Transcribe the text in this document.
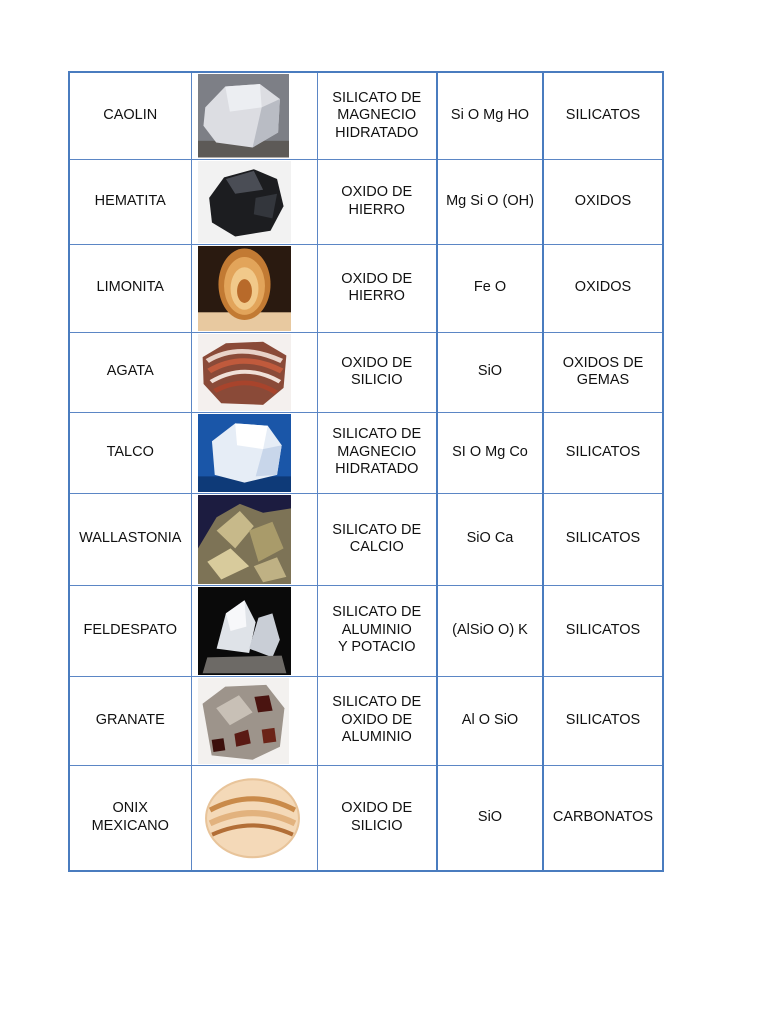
CAOLIN		SILICATO DE
MAGNECIO
HIDRATADO	Si O Mg HO	SILICATOS
HEMATITA		OXIDO DE
HIERRO	Mg Si O (OH)	OXIDOS
LIMONITA		OXIDO DE
HIERRO	Fe O	OXIDOS
AGATA		OXIDO DE
SILICIO	SiO	OXIDOS DE
GEMAS
TALCO		SILICATO DE
MAGNECIO
HIDRATADO	SI O Mg Co	SILICATOS
WALLASTONIA		SILICATO DE
CALCIO	SiO Ca	SILICATOS
FELDESPATO		SILICATO DE
ALUMINIO
Y POTACIO	(AlSiO O) K	SILICATOS
GRANATE		SILICATO DE
OXIDO DE
ALUMINIO	Al O SiO	SILICATOS
ONIX
MEXICANO		OXIDO DE
SILICIO	SiO	CARBONATOS
